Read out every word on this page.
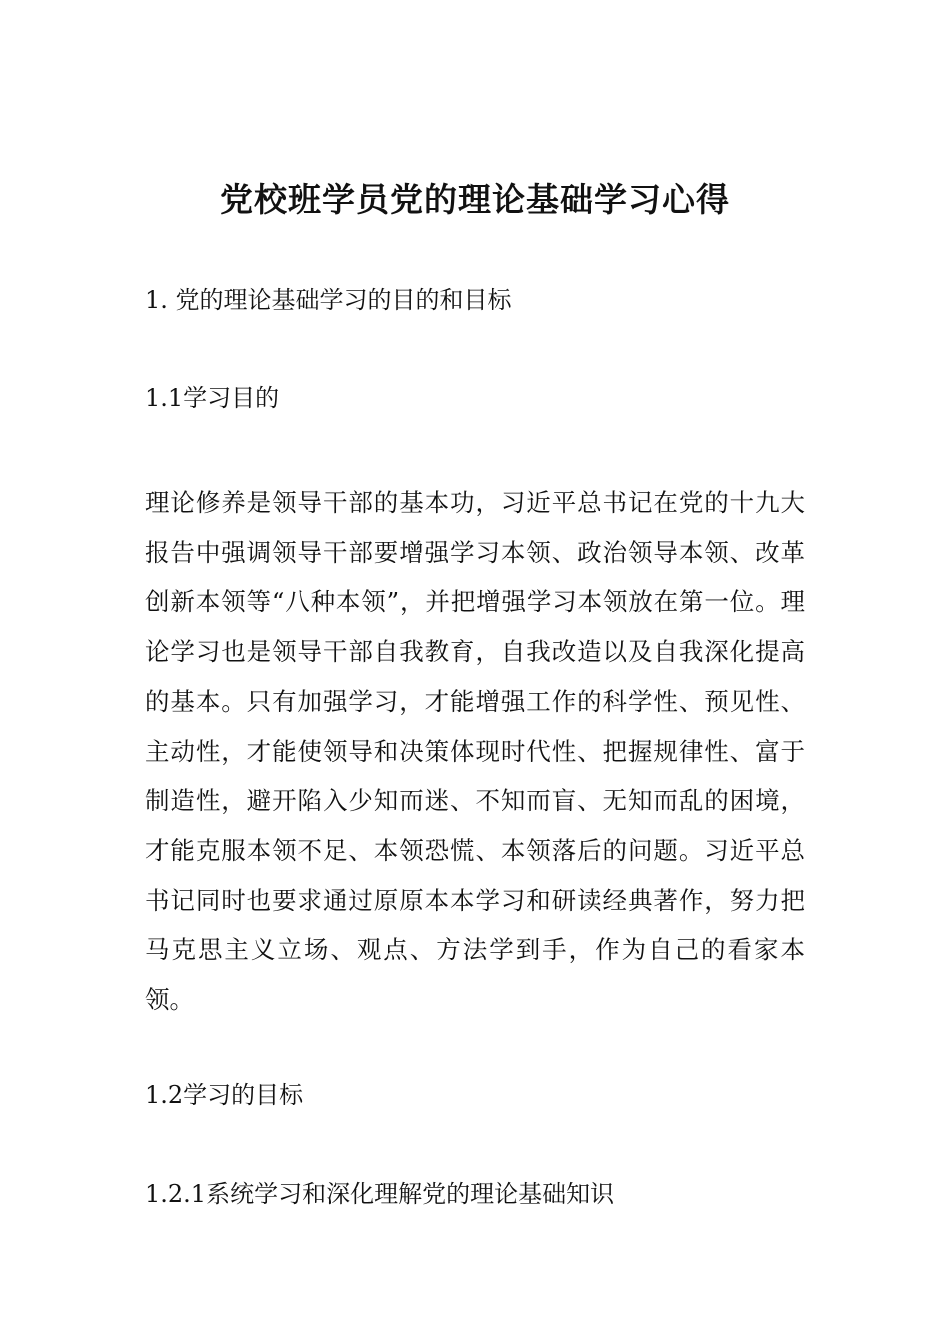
党校班学员党的理论基础学习心得

1. 党的理论基础学习的目的和目标

1.1学习目的

理论修养是领导干部的基本功，习近平总书记在党的十九大报告中强调领导干部要增强学习本领、政治领导本领、改革创新本领等“八种本领”，并把增强学习本领放在第一位。理论学习也是领导干部自我教育，自我改造以及自我深化提高的基本。只有加强学习，才能增强工作的科学性、预见性、主动性，才能使领导和决策体现时代性、把握规律性、富于制造性，避开陷入少知而迷、不知而盲、无知而乱的困境，才能克服本领不足、本领恐慌、本领落后的问题。习近平总书记同时也要求通过原原本本学习和研读经典著作，努力把马克思主义立场、观点、方法学到手，作为自己的看家本领。

1.2学习的目标

1.2.1系统学习和深化理解党的理论基础知识
